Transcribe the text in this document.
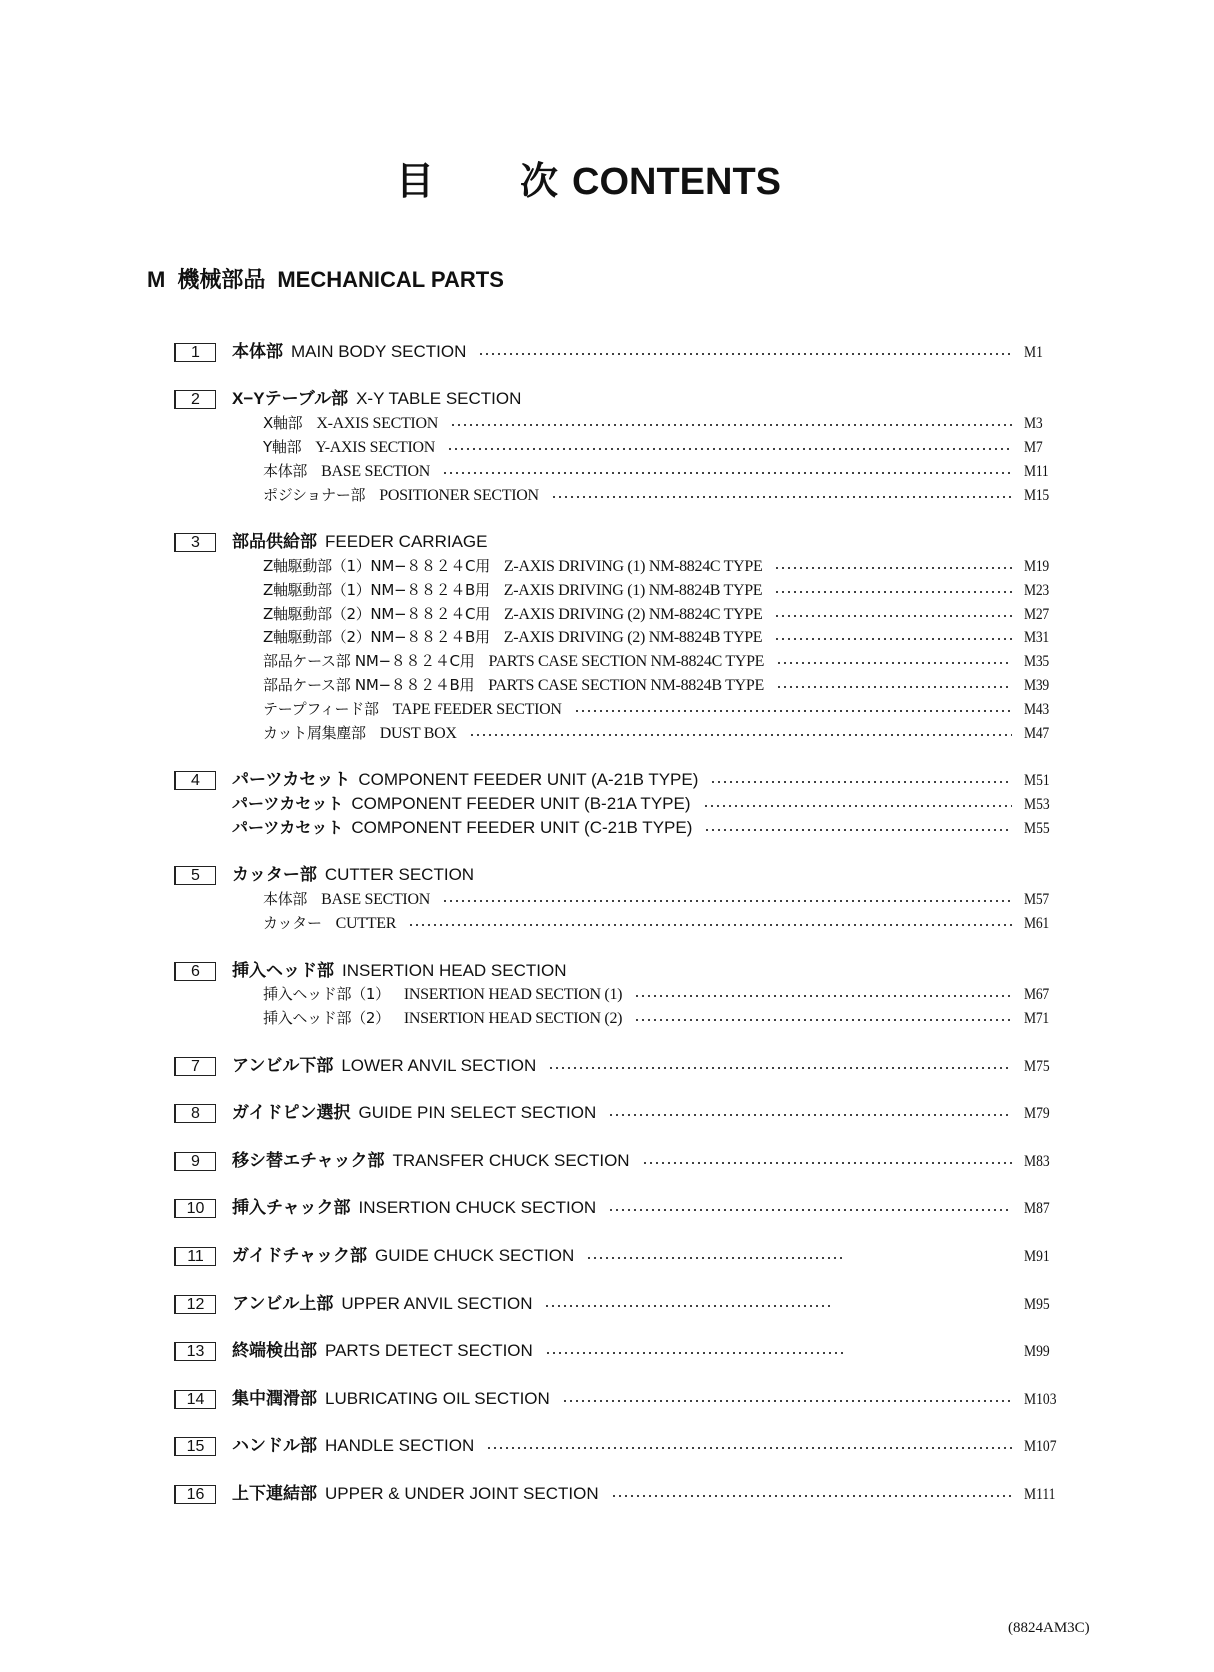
目 次 CONTENTS
M 機械部品 MECHANICAL PARTS
1	本体部 MAIN BODY SECTION	M1
2	X−Yテーブル部 X-Y TABLE SECTION
X軸部 X-AXIS SECTION	M3
Y軸部 Y-AXIS SECTION	M7
本体部 BASE SECTION	M11
ポジショナー部 POSITIONER SECTION	M15
3	部品供給部 FEEDER CARRIAGE
Z軸駆動部（1）NM−８８２４C用 Z-AXIS DRIVING (1) NM-8824C TYPE	M19
Z軸駆動部（1）NM−８８２４B用 Z-AXIS DRIVING (1) NM-8824B TYPE	M23
Z軸駆動部（2）NM−８８２４C用 Z-AXIS DRIVING (2) NM-8824C TYPE	M27
Z軸駆動部（2）NM−８８２４B用 Z-AXIS DRIVING (2) NM-8824B TYPE	M31
部品ケース部 NM−８８２４C用 PARTS CASE SECTION NM-8824C TYPE	M35
部品ケース部 NM−８８２４B用 PARTS CASE SECTION NM-8824B TYPE	M39
テープフィード部 TAPE FEEDER SECTION	M43
カット屑集塵部 DUST BOX	M47
4	パーツカセット COMPONENT FEEDER UNIT (A-21B TYPE)	M51
パーツカセット COMPONENT FEEDER UNIT (B-21A TYPE)	M53
パーツカセット COMPONENT FEEDER UNIT (C-21B TYPE)	M55
5	カッター部 CUTTER SECTION
本体部 BASE SECTION	M57
カッター CUTTER	M61
6	挿入ヘッド部 INSERTION HEAD SECTION
挿入ヘッド部（1） INSERTION HEAD SECTION (1)	M67
挿入ヘッド部（2） INSERTION HEAD SECTION (2)	M71
7	アンビル下部 LOWER ANVIL SECTION	M75
8	ガイドピン選択 GUIDE PIN SELECT SECTION	M79
9	移シ替エチャック部 TRANSFER CHUCK SECTION	M83
10	挿入チャック部 INSERTION CHUCK SECTION	M87
11	ガイドチャック部 GUIDE CHUCK SECTION	M91
12	アンビル上部 UPPER ANVIL SECTION	M95
13	終端検出部 PARTS DETECT SECTION	M99
14	集中潤滑部 LUBRICATING OIL SECTION	M103
15	ハンドル部 HANDLE SECTION	M107
16	上下連結部 UPPER & UNDER JOINT SECTION	M111
(8824AM3C)
